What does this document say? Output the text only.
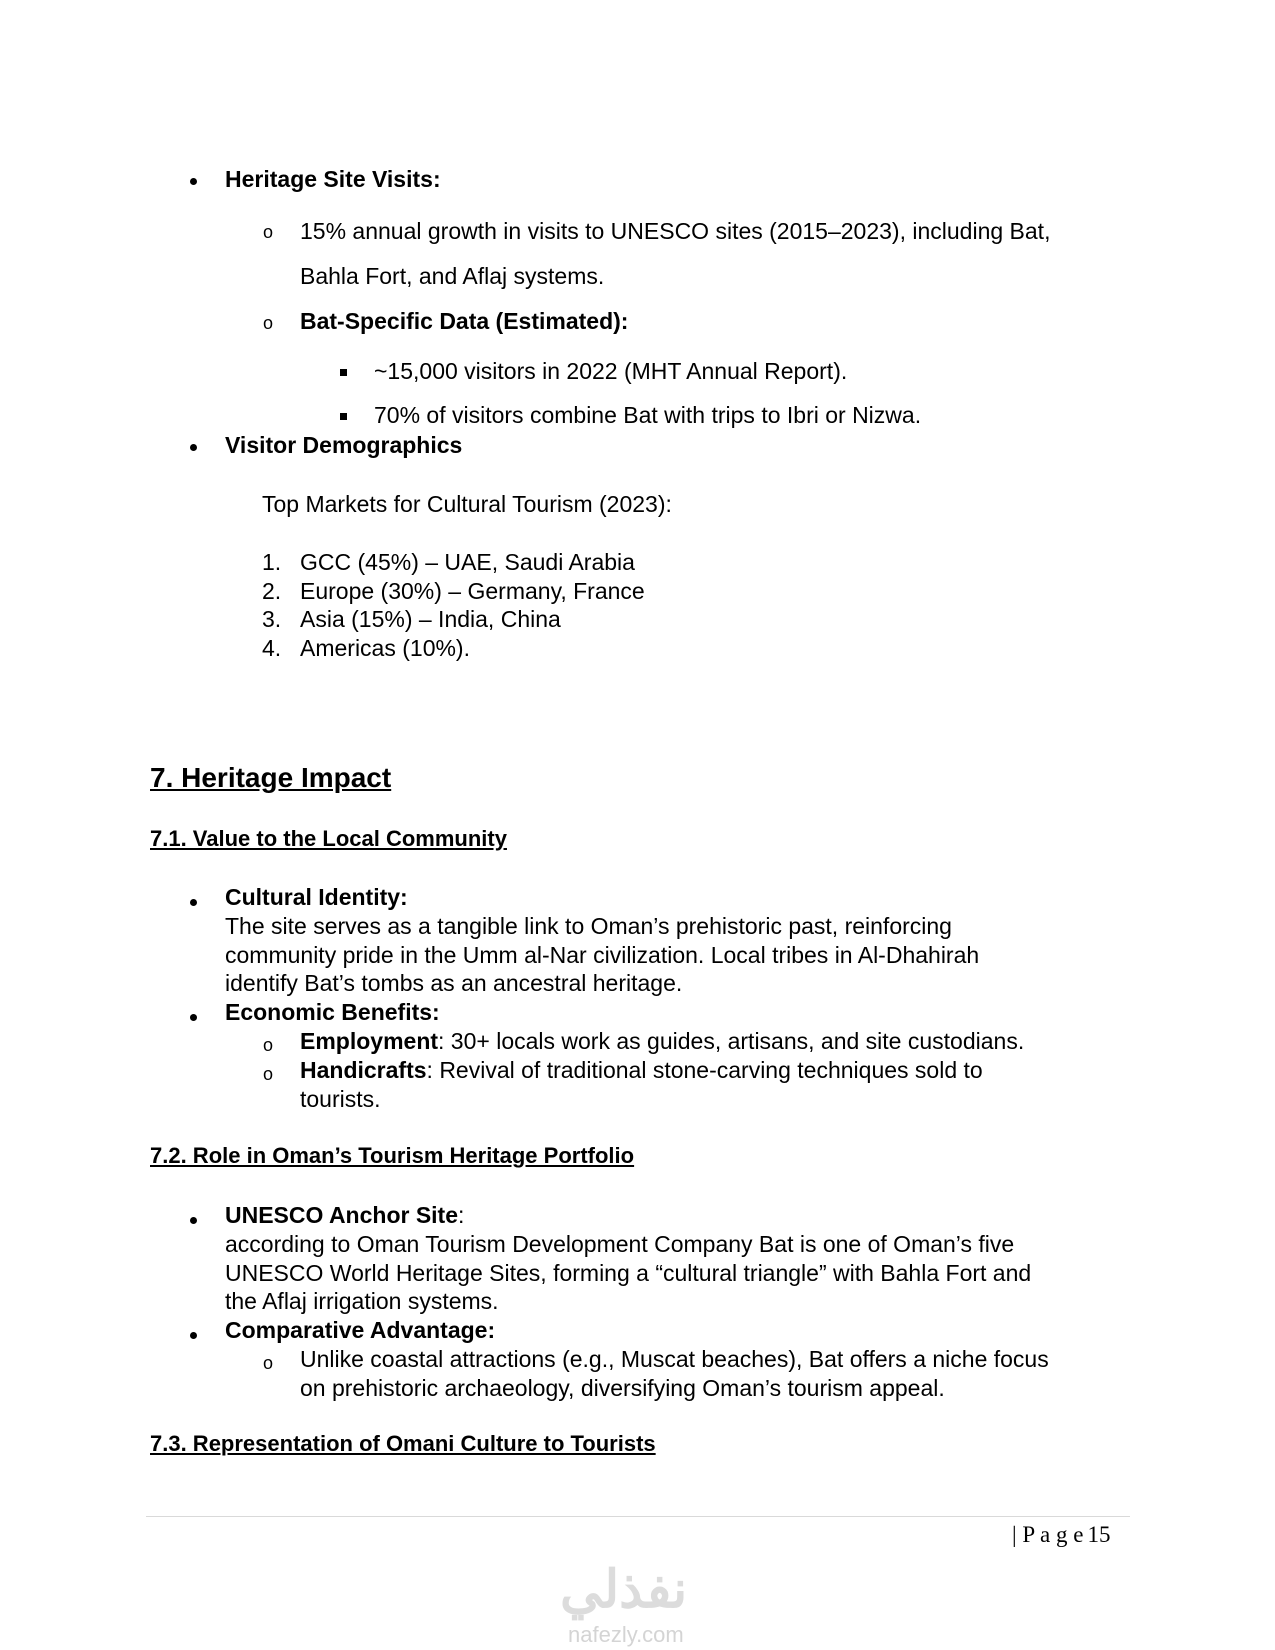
Heritage Site Visits:
o 15% annual growth in visits to UNESCO sites (2015–2023), including Bat,
Bahla Fort, and Aflaj systems.
o Bat-Specific Data (Estimated):
~15,000 visitors in 2022 (MHT Annual Report).
70% of visitors combine Bat with trips to Ibri or Nizwa.
Visitor Demographics
Top Markets for Cultural Tourism (2023):
1. GCC (45%) – UAE, Saudi Arabia
2. Europe (30%) – Germany, France
3. Asia (15%) – India, China
4. Americas (10%).
7. Heritage Impact
7.1. Value to the Local Community
Cultural Identity:
The site serves as a tangible link to Oman’s prehistoric past, reinforcing
community pride in the Umm al-Nar civilization. Local tribes in Al-Dhahirah
identify Bat’s tombs as an ancestral heritage.
Economic Benefits:
o Employment: 30+ locals work as guides, artisans, and site custodians.
o Handicrafts: Revival of traditional stone-carving techniques sold to
tourists.
7.2. Role in Oman’s Tourism Heritage Portfolio
UNESCO Anchor Site:
according to Oman Tourism Development Company Bat is one of Oman’s five
UNESCO World Heritage Sites, forming a “cultural triangle” with Bahla Fort and
the Aflaj irrigation systems.
Comparative Advantage:
o Unlike coastal attractions (e.g., Muscat beaches), Bat offers a niche focus
on prehistoric archaeology, diversifying Oman’s tourism appeal.
7.3. Representation of Omani Culture to Tourists
| P a g e 15
نفذلي
nafezly.com
